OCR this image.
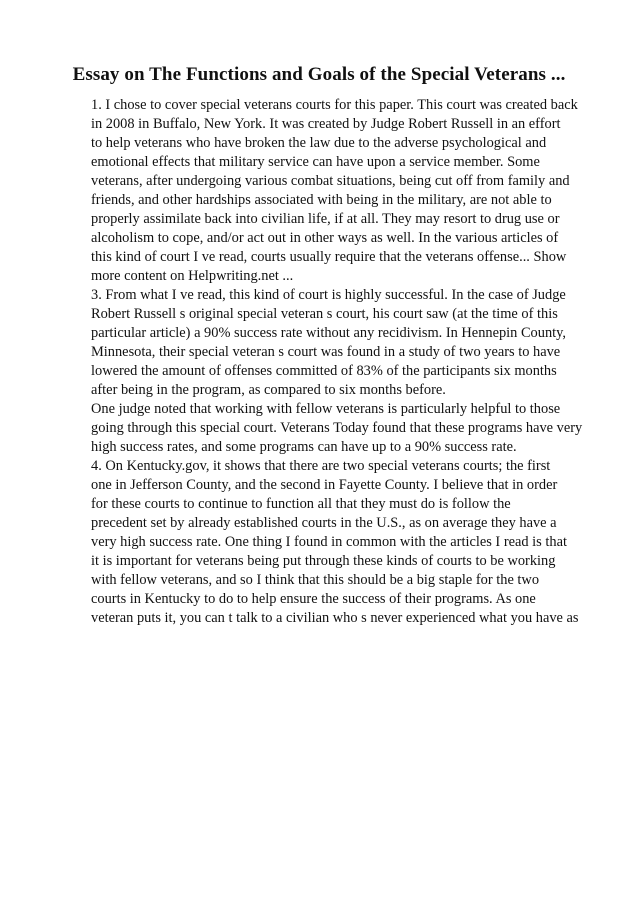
Essay on The Functions and Goals of the Special Veterans ...
1. I chose to cover special veterans courts for this paper. This court was created back
in 2008 in Buffalo, New York. It was created by Judge Robert Russell in an effort
to help veterans who have broken the law due to the adverse psychological and
emotional effects that military service can have upon a service member. Some
veterans, after undergoing various combat situations, being cut off from family and
friends, and other hardships associated with being in the military, are not able to
properly assimilate back into civilian life, if at all. They may resort to drug use or
alcoholism to cope, and/or act out in other ways as well. In the various articles of
this kind of court I ve read, courts usually require that the veterans offense... Show
more content on Helpwriting.net ...
3. From what I ve read, this kind of court is highly successful. In the case of Judge
Robert Russell s original special veteran s court, his court saw (at the time of this
particular article) a 90% success rate without any recidivism. In Hennepin County,
Minnesota, their special veteran s court was found in a study of two years to have
lowered the amount of offenses committed of 83% of the participants six months
after being in the program, as compared to six months before.
One judge noted that working with fellow veterans is particularly helpful to those
going through this special court. Veterans Today found that these programs have very
high success rates, and some programs can have up to a 90% success rate.
4. On Kentucky.gov, it shows that there are two special veterans courts; the first
one in Jefferson County, and the second in Fayette County. I believe that in order
for these courts to continue to function all that they must do is follow the
precedent set by already established courts in the U.S., as on average they have a
very high success rate. One thing I found in common with the articles I read is that
it is important for veterans being put through these kinds of courts to be working
with fellow veterans, and so I think that this should be a big staple for the two
courts in Kentucky to do to help ensure the success of their programs. As one
veteran puts it, you can t talk to a civilian who s never experienced what you have as
